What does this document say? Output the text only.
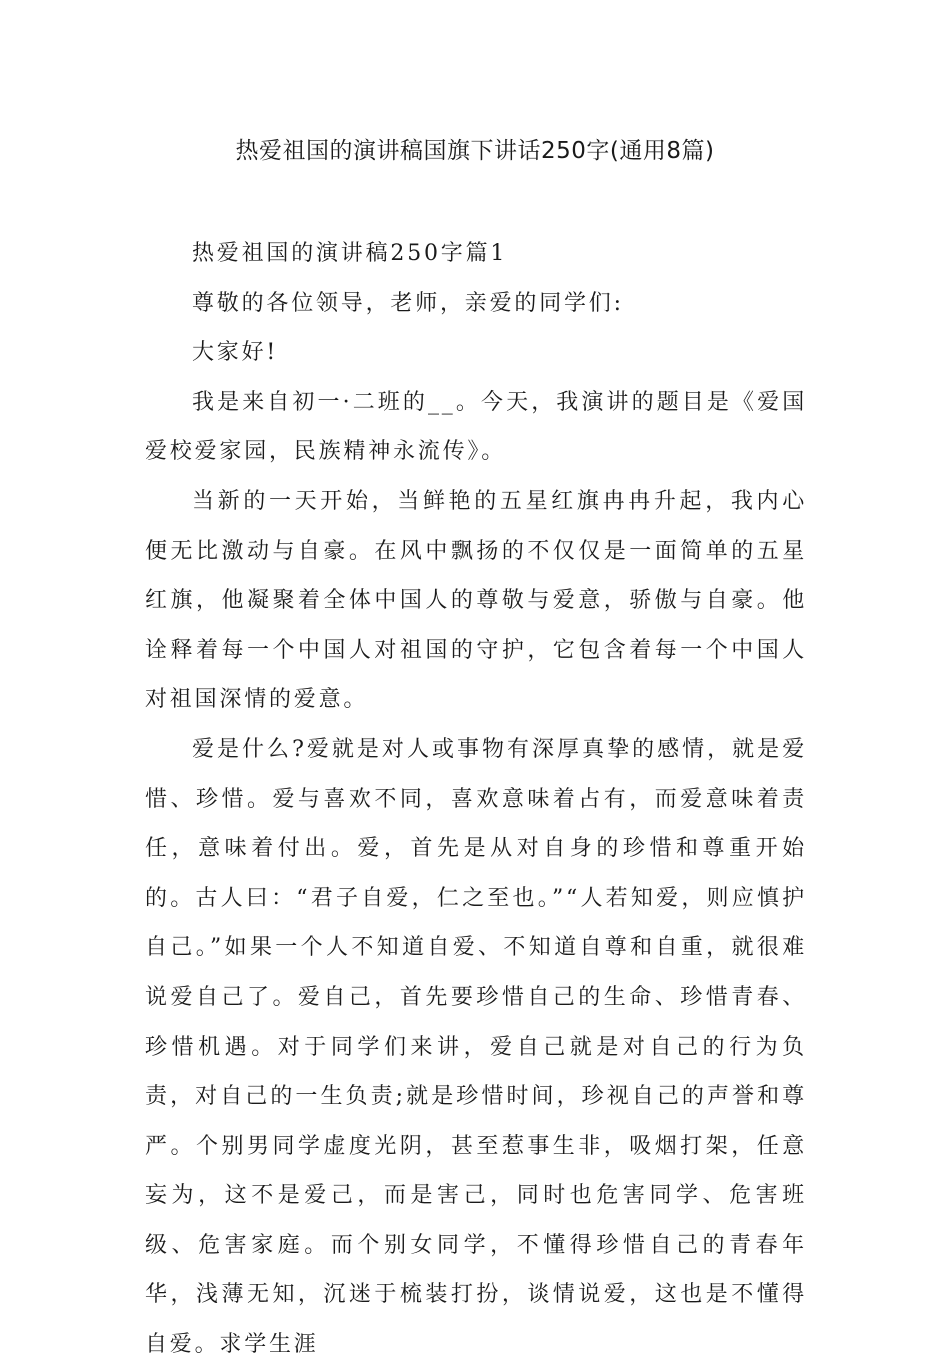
热爱祖国的演讲稿国旗下讲话250字(通用8篇)

热爱祖国的演讲稿250字篇1

尊敬的各位领导，老师，亲爱的同学们:

大家好!

我是来自初一·二班的__。今天，我演讲的题目是《爱国爱校爱家园，民族精神永流传》。

当新的一天开始，当鲜艳的五星红旗冉冉升起，我内心便无比激动与自豪。在风中飘扬的不仅仅是一面简单的五星红旗，他凝聚着全体中国人的尊敬与爱意，骄傲与自豪。他诠释着每一个中国人对祖国的守护，它包含着每一个中国人对祖国深情的爱意。

爱是什么?爱就是对人或事物有深厚真挚的感情，就是爱惜、珍惜。爱与喜欢不同，喜欢意味着占有，而爱意味着责任，意味着付出。爱，首先是从对自身的珍惜和尊重开始的。古人曰：“君子自爱，仁之至也。”“人若知爱，则应慎护自己。”如果一个人不知道自爱、不知道自尊和自重，就很难说爱自己了。爱自己，首先要珍惜自己的生命、珍惜青春、珍惜机遇。对于同学们来讲，爱自己就是对自己的行为负责，对自己的一生负责;就是珍惜时间，珍视自己的声誉和尊严。个别男同学虚度光阴，甚至惹事生非，吸烟打架，任意妄为，这不是爱己，而是害己，同时也危害同学、危害班级、危害家庭。而个别女同学，不懂得珍惜自己的青春年华，浅薄无知，沉迷于梳装打扮，谈情说爱，这也是不懂得自爱。求学生涯
